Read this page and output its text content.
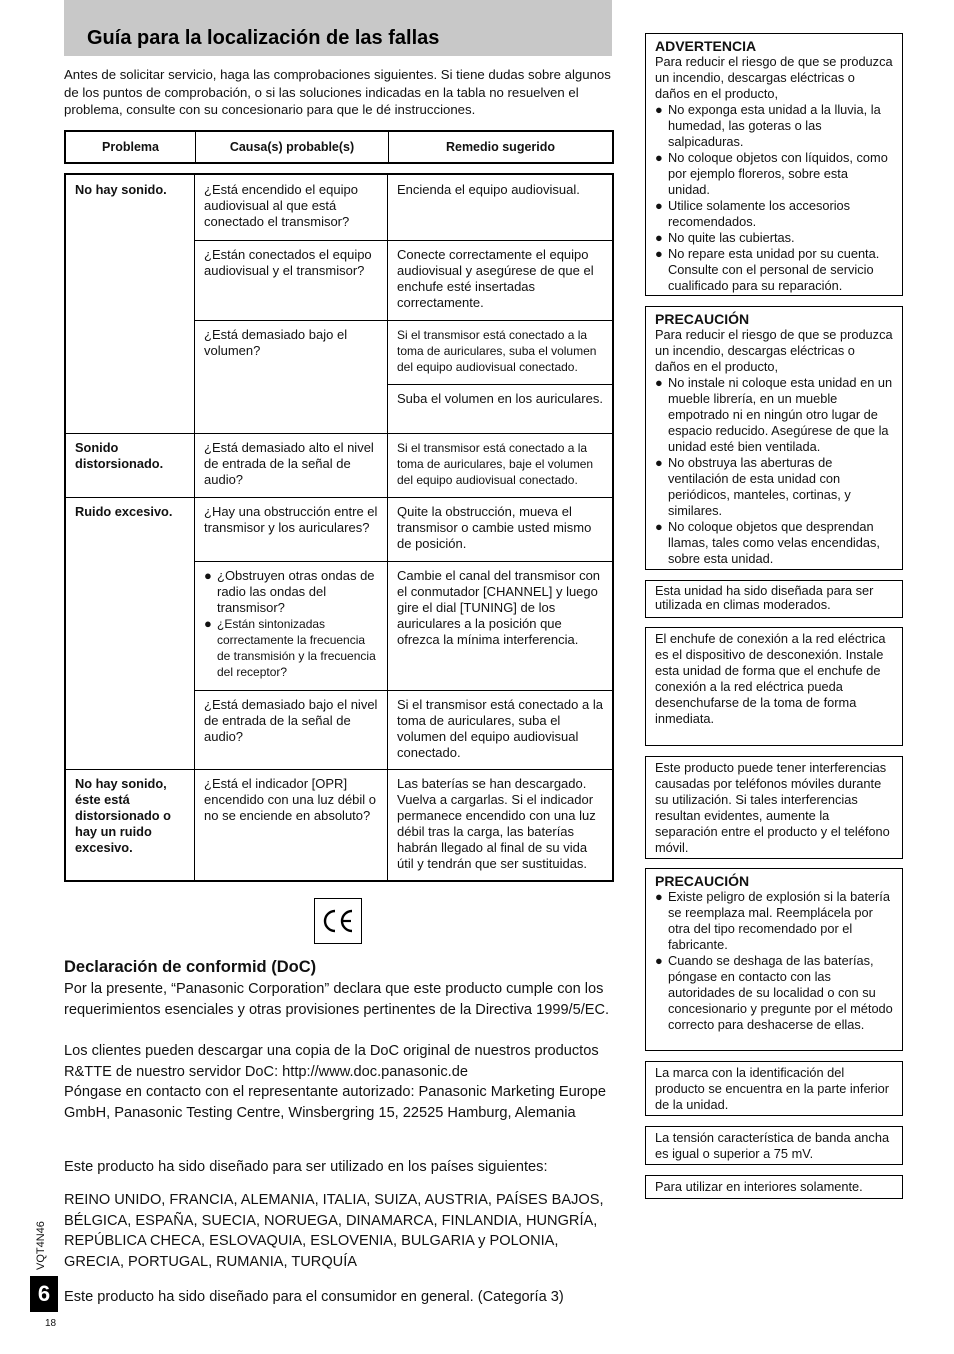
Guía para la localización de las fallas

Antes de solicitar servicio, haga las comprobaciones siguientes. Si tiene dudas sobre algunos de los puntos de comprobación, o si las soluciones indicadas en la tabla no resuelven el problema, consulte con su concesionario para que le dé instrucciones.

Problema	Causa(s) probable(s)	Remedio sugerido
No hay sonido.
Sonido distorsionado.
Ruido excesivo.
No hay sonido, éste está distorsionado o hay un ruido excesivo.
¿Está encendido el equipo audiovisual al que está conectado el transmisor?
¿Están conectados el equipo audiovisual y el transmisor?
¿Está demasiado bajo el volumen?
¿Está demasiado alto el nivel de entrada de la señal de audio?
¿Hay una obstrucción entre el transmisor y los auriculares?
● ¿Obstruyen otras ondas de radio las ondas del transmisor?
● ¿Están sintonizadas correctamente la frecuencia de transmisión y la frecuencia del receptor?
¿Está demasiado bajo el nivel de entrada de la señal de audio?
¿Está el indicador [OPR] encendido con una luz débil o no se enciende en absoluto?
Encienda el equipo audiovisual.
Conecte correctamente el equipo audiovisual y asegúrese de que el enchufe esté insertadas correctamente.
Si el transmisor está conectado a la toma de auriculares, suba el volumen del equipo audiovisual conectado.
Suba el volumen en los auriculares.
Si el transmisor está conectado a la toma de auriculares, baje el volumen del equipo audiovisual conectado.
Quite la obstrucción, mueva el transmisor o cambie usted mismo de posición.
Cambie el canal del transmisor con el conmutador [CHANNEL] y luego gire el dial [TUNING] de los auriculares a la posición que ofrezca la mínima interferencia.
Si el transmisor está conectado a la toma de auriculares, suba el volumen del equipo audiovisual conectado.
Las baterías se han descargado. Vuelva a cargarlas. Si el indicador permanece encendido con una luz débil tras la carga, las baterías habrán llegado al final de su vida útil y tendrán que ser sustituidas.
Declaración de conformid (DoC)

Por la presente, “Panasonic Corporation” declara que este producto cumple con los requerimientos esenciales y otras provisiones pertinentes de la Directiva 1999/5/EC.

Los clientes pueden descargar una copia de la DoC original de nuestros productos R&TTE de nuestro servidor DoC: http://www.doc.panasonic.de

Póngase en contacto con el representante autorizado: Panasonic Marketing Europe GmbH, Panasonic Testing Centre, Winsbergring 15, 22525 Hamburg, Alemania

Este producto ha sido diseñado para ser utilizado en los países siguientes:

REINO UNIDO, FRANCIA, ALEMANIA, ITALIA, SUIZA, AUSTRIA, PAÍSES BAJOS, BÉLGICA, ESPAÑA, SUECIA, NORUEGA, DINAMARCA, FINLANDIA, HUNGRÍA, REPÚBLICA CHECA, ESLOVAQUIA, ESLOVENIA, BULGARIA y POLONIA, GRECIA, PORTUGAL, RUMANIA, TURQUÍA

Este producto ha sido diseñado para el consumidor en general. (Categoría 3)

VQT4N46
6
18
ADVERTENCIA
Para reducir el riesgo de que se produzca un incendio, descargas eléctricas o daños en el producto,
● No exponga esta unidad a la lluvia, la humedad, las goteras o las salpicaduras.
● No coloque objetos con líquidos, como por ejemplo floreros, sobre esta unidad.
● Utilice solamente los accesorios recomendados.
● No quite las cubiertas.
● No repare esta unidad por su cuenta. Consulte con el personal de servicio cualificado para su reparación.
PRECAUCIÓN
Para reducir el riesgo de que se produzca un incendio, descargas eléctricas o daños en el producto,
● No instale ni coloque esta unidad en un mueble librería, en un mueble empotrado ni en ningún otro lugar de espacio reducido. Asegúrese de que la unidad esté bien ventilada.
● No obstruya las aberturas de ventilación de esta unidad con periódicos, manteles, cortinas, y similares.
● No coloque objetos que desprendan llamas, tales como velas encendidas, sobre esta unidad.
Esta unidad ha sido diseñada para ser utilizada en climas moderados.
El enchufe de conexión a la red eléctrica es el dispositivo de desconexión. Instale esta unidad de forma que el enchufe de conexión a la red eléctrica pueda desenchufarse de la toma de forma inmediata.
Este producto puede tener interferencias causadas por teléfonos móviles durante su utilización. Si tales interferencias resultan evidentes, aumente la separación entre el producto y el teléfono móvil.
PRECAUCIÓN
● Existe peligro de explosión si la batería se reemplaza mal. Reemplácela por otra del tipo recomendado por el fabricante.
● Cuando se deshaga de las baterías, póngase en contacto con las autoridades de su localidad o con su concesionario y pregunte por el método correcto para deshacerse de ellas.
La marca con la identificación del producto se encuentra en la parte inferior de la unidad.
La tensión característica de banda ancha es igual o superior a 75 mV.
Para utilizar en interiores solamente.
